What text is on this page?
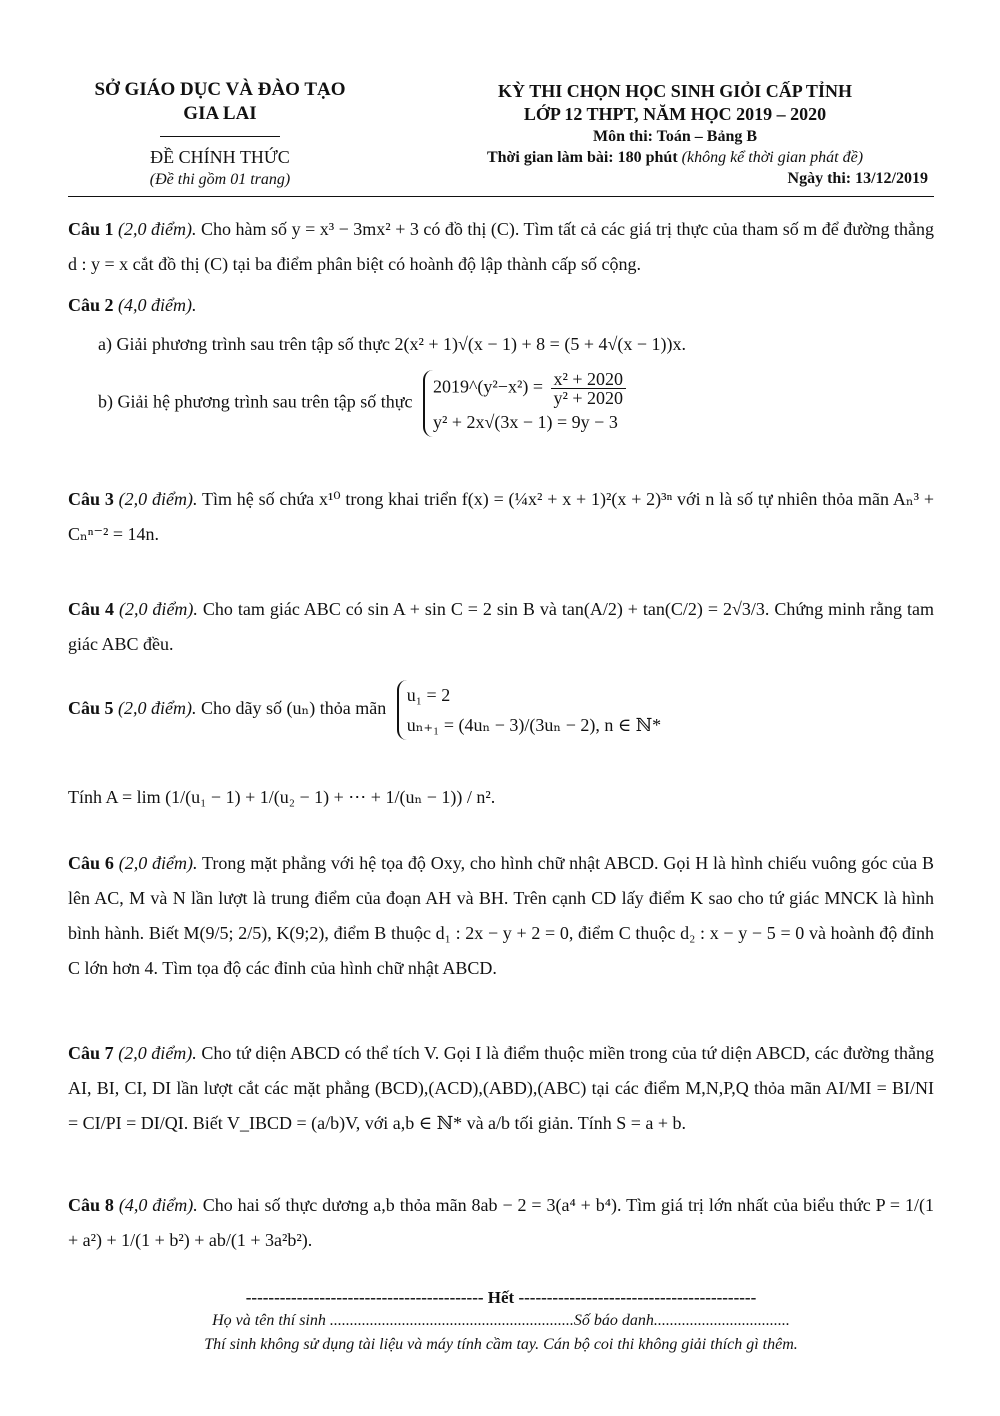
SỞ GIÁO DỤC VÀ ĐÀO TẠO
GIA LAI
ĐỀ CHÍNH THỨC
(Đề thi gồm 01 trang)
KỲ THI CHỌN HỌC SINH GIỎI CẤP TỈNH
LỚP 12 THPT, NĂM HỌC 2019 – 2020
Môn thi: Toán – Bảng B
Thời gian làm bài: 180 phút (không kể thời gian phát đề)
Ngày thi: 13/12/2019
Câu 1 (2,0 điểm). Cho hàm số y = x³ − 3mx² + 3 có đồ thị (C). Tìm tất cả các giá trị thực của tham số m để đường thẳng d : y = x cắt đồ thị (C) tại ba điểm phân biệt có hoành độ lập thành cấp số cộng.
Câu 2 (4,0 điểm).
a) Giải phương trình sau trên tập số thực 2(x² + 1)√(x − 1) + 8 = (5 + 4√(x − 1))x.
b) Giải hệ phương trình sau trên tập số thực
2019^(y²−x²) = $\frac{\text{x² + 2020}}{\text{y² + 2020}}$
y² + 2x√(3x − 1) = 9y − 3
Câu 3 (2,0 điểm). Tìm hệ số chứa x¹⁰ trong khai triển f(x) = (¼x² + x + 1)²(x + 2)³ⁿ với n là số tự nhiên thỏa mãn Aₙ³ + Cₙⁿ⁻² = 14n.
Câu 4 (2,0 điểm). Cho tam giác ABC có sin A + sin C = 2 sin B và tan(A/2) + tan(C/2) = 2√3/3. Chứng minh rằng tam giác ABC đều.
Câu 5 (2,0 điểm). Cho dãy số (uₙ) thỏa mãn
u₁ = 2
uₙ₊₁ = (4uₙ − 3)/(3uₙ − 2), n ∈ ℕ*
Tính A = lim (1/(u₁ − 1) + 1/(u₂ − 1) + ⋯ + 1/(uₙ − 1)) / n².
Câu 6 (2,0 điểm). Trong mặt phẳng với hệ tọa độ Oxy, cho hình chữ nhật ABCD. Gọi H là hình chiếu vuông góc của B lên AC, M và N lần lượt là trung điểm của đoạn AH và BH. Trên cạnh CD lấy điểm K sao cho tứ giác MNCK là hình bình hành. Biết M(9/5; 2/5), K(9;2), điểm B thuộc d₁ : 2x − y + 2 = 0, điểm C thuộc d₂ : x − y − 5 = 0 và hoành độ đỉnh C lớn hơn 4. Tìm tọa độ các đỉnh của hình chữ nhật ABCD.
Câu 7 (2,0 điểm). Cho tứ diện ABCD có thể tích V. Gọi I là điểm thuộc miền trong của tứ diện ABCD, các đường thẳng AI, BI, CI, DI lần lượt cắt các mặt phẳng (BCD),(ACD),(ABD),(ABC) tại các điểm M,N,P,Q thỏa mãn AI/MI = BI/NI = CI/PI = DI/QI. Biết V_IBCD = (a/b)V, với a,b ∈ ℕ* và a/b tối giản. Tính S = a + b.
Câu 8 (4,0 điểm). Cho hai số thực dương a,b thỏa mãn 8ab − 2 = 3(a⁴ + b⁴). Tìm giá trị lớn nhất của biểu thức P = 1/(1 + a²) + 1/(1 + b²) + ab/(1 + 3a²b²).
------------------------------------------ Hết ------------------------------------------
Họ và tên thí sinh .............................................................Số báo danh..................................
Thí sinh không sử dụng tài liệu và máy tính cầm tay. Cán bộ coi thi không giải thích gì thêm.
